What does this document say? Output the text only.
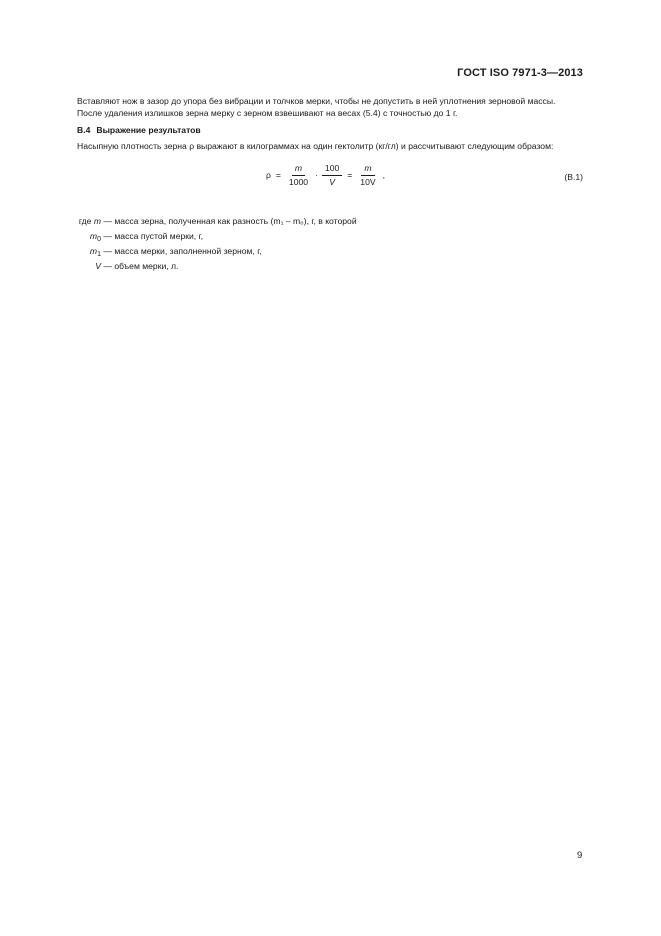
ГОСТ ISO 7971-3—2013

Вставляют нож в зазор до упора без вибрации и толчков мерки, чтобы не допустить в ней уплотнения зерновой массы.

После удаления излишков зерна мерку с зерном взвешивают на весах (5.4) с точностью до 1 г.

B.4 Выражение результатов

Насыпную плотность зерна ρ выражают в килограммах на один гектолитр (кг/гл) и рассчитывают следующим образом:

$\rho = \frac{m}{1000} \cdot \frac{100}{V} = \frac{m}{10V}$ ,	(B.1)
где m — масса зерна, полученная как разность (m₁ – m₀), г, в которой
$m_0$ — масса пустой мерки, г,
$m_1$ — масса мерки, заполненной зерном, г,
V — объем мерки, л.
9
